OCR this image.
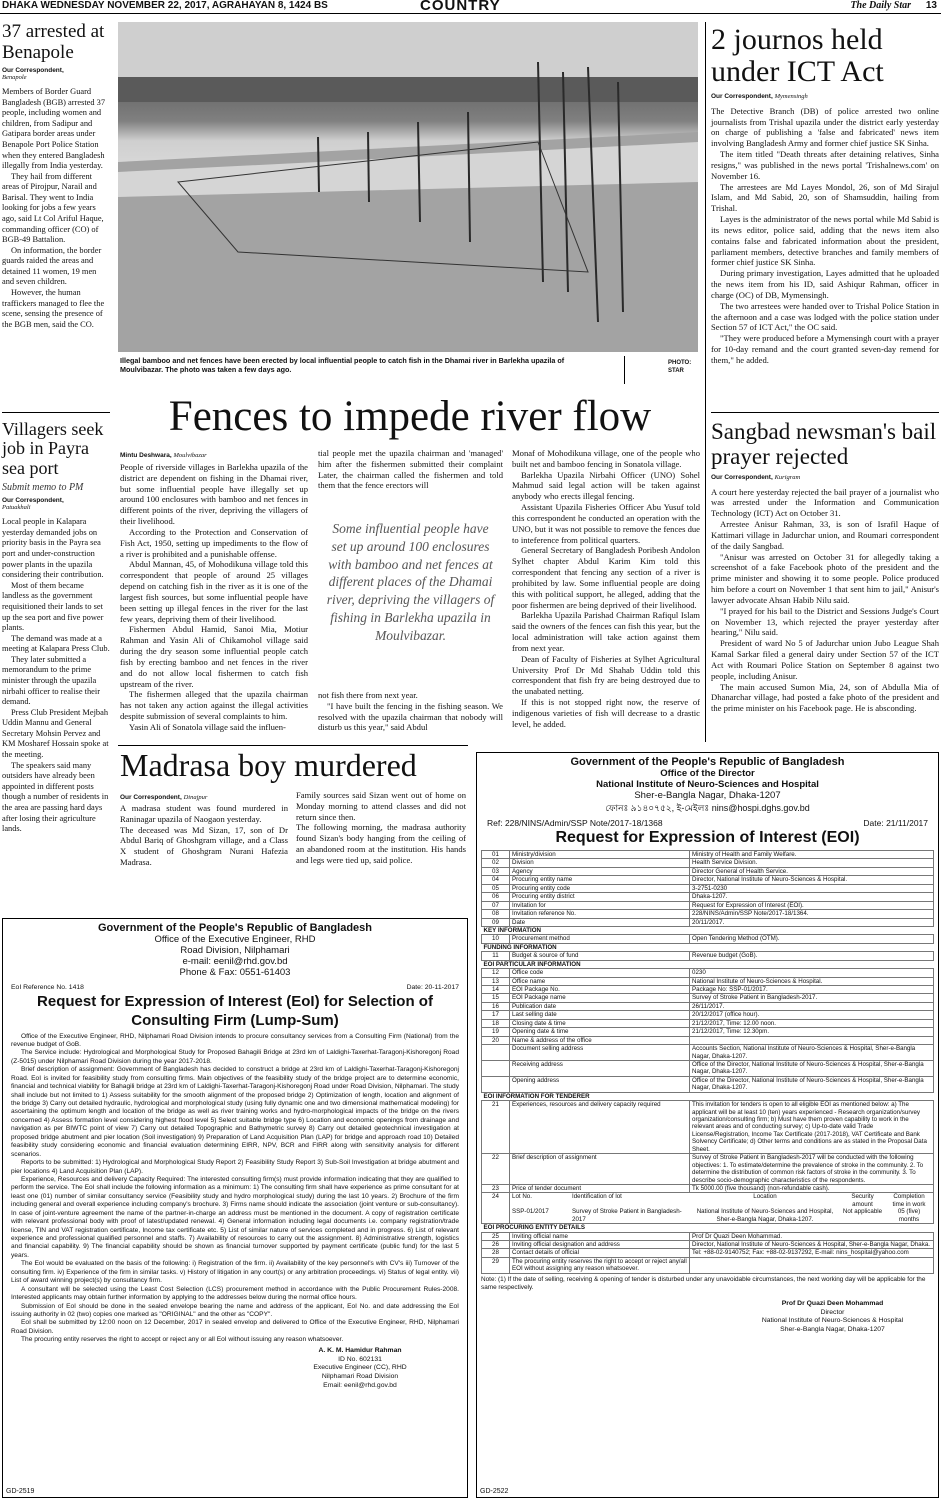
DHAKA WEDNESDAY NOVEMBER 22, 2017, AGRAHAYAN 8, 1424 BS	COUNTRY	The Daily Star 13
37 arrested at Benapole
Our Correspondent,
Benapole

Members of Border Guard Bangladesh (BGB) arrested 37 people, including women and children, from Sadipur and Gatipara border areas under Benapole Port Police Station when they entered Bangladesh illegally from India yesterday.

They hail from different areas of Pirojpur, Narail and Barisal. They went to India looking for jobs a few years ago, said Lt Col Ariful Haque, commanding officer (CO) of BGB-49 Battalion.

On information, the border guards raided the areas and detained 11 women, 19 men and seven children.

However, the human traffickers managed to flee the scene, sensing the presence of the BGB men, said the CO.

Villagers seek job in Payra sea port
Submit memo to PM
Our Correspondent,
Patuakhali

Local people in Kalapara yesterday demanded jobs on priority basis in the Payra sea port and under-construction power plants in the upazila considering their contribution.

Most of them became landless as the government requisitioned their lands to set up the sea port and five power plants.

The demand was made at a meeting at Kalapara Press Club.

They later submitted a memorandum to the prime minister through the upazila nirbahi officer to realise their demand.

Press Club President Mejbah Uddin Mannu and General Secretary Mohsin Pervez and KM Mosharef Hossain spoke at the meeting.

The speakers said many outsiders have already been appointed in different posts though a number of residents in the area are passing hard days after losing their agriculture lands.

Illegal bamboo and net fences have been erected by local influential people to catch fish in the Dhamai river in Barlekha upazila of Moulvibazar. The photo was taken a few days ago.
PHOTO: STAR
Fences to impede river flow
Mintu Deshwara, Moulvibazar

People of riverside villages in Barlekha upazila of the district are dependent on fishing in the Dhamai river, but some influential people have illegally set up around 100 enclosures with bamboo and net fences in different points of the river, depriving the villagers of their livelihood.

According to the Protection and Conservation of Fish Act, 1950, setting up impediments to the flow of a river is prohibited and a punishable offense.

Abdul Mannan, 45, of Mohodikuna village told this correspondent that people of around 25 villages depend on catching fish in the river as it is one of the largest fish sources, but some influential people have been setting up illegal fences in the river for the last few years, depriving them of their livelihood.

Fishermen Abdul Hamid, Sanoi Mia, Motiur Rahman and Yasin Ali of Chikamohol village said during the dry season some influential people catch fish by erecting bamboo and net fences in the river and do not allow local fishermen to catch fish upstream of the river.

The fishermen alleged that the upazila chairman has not taken any action against the illegal activities despite submission of several complaints to him.

Yasin Ali of Sonatola village said the influen-

tial people met the upazila chairman and 'managed' him after the fishermen submitted their complaint Later, the chairman called the fishermen and told them that the fence erectors will
Some influential people have set up around 100 enclosures with bamboo and net fences at different places of the Dhamai river, depriving the villagers of fishing in Barlekha upazila in Moulvibazar.

not fish there from next year.

"I have built the fencing in the fishing season. We resolved with the upazila chairman that nobody will disturb us this year," said Abdul

Monaf of Mohodikuna village, one of the people who built net and bamboo fencing in Sonatola village.

Barlekha Upazila Nirbahi Officer (UNO) Sohel Mahmud said legal action will be taken against anybody who erects illegal fencing.

Assistant Upazila Fisheries Officer Abu Yusuf told this correspondent he conducted an operation with the UNO, but it was not possible to remove the fences due to inteference from political quarters.

General Secretary of Bangladesh Poribesh Andolon Sylhet chapter Abdul Karim Kim told this correspondent that fencing any section of a river is prohibited by law. Some influential people are doing this with political support, he alleged, adding that the poor fishermen are being deprived of their livelihood.

Barlekha Upazila Parishad Chairman Rafiqul Islam said the owners of the fences can fish this year, but the local administration will take action against them from next year.

Dean of Faculty of Fisheries at Sylhet Agricultural University Prof Dr Md Shahab Uddin told this correspondent that fish fry are being destroyed due to the unabated netting.

If this is not stopped right now, the reserve of indigenous varieties of fish will decrease to a drastic level, he added.

2 journos held under ICT Act
Our Correspondent, Mymensingh

The Detective Branch (DB) of police arrested two online journalists from Trishal upazila under the district early yesterday on charge of publishing a 'false and fabricated' news item involving Bangladesh Army and former chief justice SK Sinha.

The item titled "Death threats after detaining relatives, Sinha resigns," was published in the news portal 'Trishalnews.com' on November 16.

The arrestees are Md Layes Mondol, 26, son of Md Sirajul Islam, and Md Sabid, 20, son of Shamsuddin, hailing from Trishal.

Layes is the administrator of the news portal while Md Sabid is its news editor, police said, adding that the news item also contains false and fabricated information about the president, parliament members, detective branches and family members of former chief justice SK Sinha.

During primary investigation, Layes admitted that he uploaded the news item from his ID, said Ashiqur Rahman, officer in charge (OC) of DB, Mymensingh.

The two arrestees were handed over to Trishal Police Station in the afternoon and a case was lodged with the police station under Section 57 of ICT Act," the OC said.

"They were produced before a Mymensingh court with a prayer for 10-day remand and the court granted seven-day remend for them," he added.

Sangbad newsman's bail prayer rejected
Our Correspondent, Kurigram

A court here yesterday rejected the bail prayer of a journalist who was arrested under the Information and Communication Technology (ICT) Act on October 31.

Arrestee Anisur Rahman, 33, is son of Israfil Haque of Kattimari village in Jadurchar union, and Roumari correspondent of the daily Sangbad.

"Anisur was arrested on October 31 for allegedly taking a screenshot of a fake Facebook photo of the president and the prime minister and showing it to some people. Police produced him before a court on November 1 that sent him to jail," Anisur's lawyer advocate Ahsan Habib Nilu said.

"I prayed for his bail to the District and Sessions Judge's Court on November 13, which rejected the prayer yesterday after hearing," Nilu said.

President of ward No 5 of Jadurchar union Jubo League Shah Kamal Sarkar filed a general dairy under Section 57 of the ICT Act with Roumari Police Station on September 8 against two people, including Anisur.

The main accused Sumon Mia, 24, son of Abdulla Mia of Dhanarchar village, had posted a fake photo of the president and the prime minister on his Facebook page. He is absconding.

Madrasa boy murdered
Our Correspondent, Dinajpur
A madrasa student was found murdered in Raninagar upazila of Naogaon yesterday.
The deceased was Md Sizan, 17, son of Dr Abdul Bariq of Ghoshgram village, and a Class X student of Ghoshgram Nurani Hafezia Madrasa.
Family sources said Sizan went out of home on Monday morning to attend classes and did not return since then.
The following morning, the madrasa authority found Sizan's body hanging from the ceiling of an abandoned room at the institution. His hands and legs were tied up, said police.
Government of the People's Republic of Bangladesh
Office of the Executive Engineer, RHD
Road Division, Nilphamari
e-mail: eenil@rhd.gov.bd
Phone & Fax: 0551-61403
EoI Reference No. 1418	Date: 20-11-2017
Request for Expression of Interest (EoI) for Selection of Consulting Firm (Lump-Sum)

Office of the Executive Engineer, RHD, Nilphamari Road Division intends to procure consultancy services from a Consulting Firm (National) from the revenue budget of GoB.

The Service include: Hydrological and Morphological Study for Proposed Bahagili Bridge at 23rd km of Laldighi-Taxerhat-Taragonj-Kishoregonj Road (Z-5015) under Nilphamari Road Division during the year 2017-2018.

Brief description of assignment: Government of Bangladesh has decided to construct a bridge at 23rd km of Laldighi-Taxerhat-Taragonj-Kishoregonj Road. EoI is invited for feasibility study from consulting firms. Main objectives of the feasibility study of the bridge project are to determine economic, financial and technical viability for Bahagili bridge at 23rd km of Laldighi-Taxerhat-Taragonj-Kishoregonj Road under Road Division, Nilphamari. The study shall include but not limited to 1) Assess suitability for the smooth alignment of the proposed bridge 2) Optimization of length, location and alignment of the bridge 3) Carry out detailed hydraulic, hydrological and morphological study (using fully dynamic one and two dimensional mathematical modeling) for ascertaining the optimum length and location of the bridge as well as river training works and hydro-morphological impacts of the bridge on the rivers concerned 4) Assess formation level considering highest flood level 5) Select suitable bridge type 6) Location and economic openings from drainage and navigation as per BIWTC point of view 7) Carry out detailed Topographic and Bathymetric survey 8) Carry out detailed geotechnical investigation at proposed bridge abutment and pier location (Soil investigation) 9) Preparation of Land Acquisition Plan (LAP) for bridge and approach road 10) Detailed feasibility study considering economic and financial evaluation determining EIRR, NPV, BCR and FIRR along with sensitivity analysis for different scenarios.

Reports to be submitted: 1) Hydrological and Morphological Study Report 2) Feasibility Study Report 3) Sub-Soil Investigation at bridge abutment and pier locations 4) Land Acquisition Plan (LAP).

Experience, Resources and delivery Capacity Required: The interested consulting firm(s) must provide information indicating that they are qualified to perform the service. The EoI shall include the following information as a minimum: 1) The consulting firm shall have experience as prime consultant for at least one (01) number of similar consultancy service (Feasibility study and hydro morphological study) during the last 10 years. 2) Brochure of the firm including general and overall experience including company's brochure. 3) Firms name should indicate the association (joint venture or sub-consultancy). In case of joint-venture agreement the name of the partner-in-charge an address must be mentioned in the document. A copy of registration certificate with relevant professional body with proof of latest/updated renewal. 4) General information including legal documents i.e. company registration/trade license, TIN and VAT registration certificate, Income tax certificate etc. 5) List of similar nature of services completed and in progress. 6) List of relevant experience and professional qualified personnel and staffs. 7) Availability of resources to carry out the assignment. 8) Administrative strength, logistics and financial capability. 9) The financial capability should be shown as financial turnover supported by payment certificate (public fund) for the last 5 years.

The EoI would be evaluated on the basis of the following: i) Registration of the firm. ii) Availability of the key personnel's with CV's iii) Turnover of the consulting firm. iv) Experience of the firm in similar tasks. v) History of litigation in any court(s) or any arbitration proceedings. vi) Status of legal entity. vii) List of award winning project(s) by consultancy firm.

A consultant will be selected using the Least Cost Selection (LCS) procurement method in accordance with the Public Procurement Rules-2008. Interested applicants may obtain further information by applying to the addresses below during the normal office hours.

Submission of EoI should be done in the sealed envelope bearing the name and address of the applicant, EoI No. and date addressing the EoI issuing authority in 02 (two) copies one marked as "ORIGINAL" and the other as "COPY".

EoI shall be submitted by 12:00 noon on 12 December, 2017 in sealed envelop and delivered to Office of the Executive Engineer, RHD, Nilphamari Road Division.

The procuring entity reserves the right to accept or reject any or all EoI without issuing any reason whatsoever.

A. K. M. Hamidur Rahman
ID No. 602131
Executive Engineer (CC), RHD
Nilphamari Road Division
Email: eenil@rhd.gov.bd
GD-2519
Government of the People's Republic of Bangladesh
Office of the Director
National Institute of Neuro-Sciences and Hospital
Sher-e-Bangla Nagar, Dhaka-1207
ফোনঃ ৯১৪০৭৫২, ই-মেইলঃ nins@hospi.dghs.gov.bd
Ref: 228/NINS/Admin/SSP Note/2017-18/1368	Date: 21/11/2017
Request for Expression of Interest (EOI)
01	Ministry/division	Ministry of Health and Family Welfare.
02	Division	Health Service Division.
03	Agency	Director General of Health Service.
04	Procuring entity name	Director, National Institute of Neuro-Sciences & Hospital.
05	Procuring entity code	3-2751-0230
06	Procuring entity district	Dhaka-1207.
07	Invitation for	Request for Expression of Interest (EOI).
08	Invitation reference No.	228/NINS/Admin/SSP Note/2017-18/1364.
09	Date	20/11/2017.
KEY INFORMATION
10	Procurement method	Open Tendering Method (OTM).
FUNDING INFORMATION
11	Budget & source of fund	Revenue budget (GoB).
EOI PARTICULAR INFORMATION
12	Office code	0230
13	Office name	National Institute of Neuro-Sciences & Hospital.
14	EOI Package No.	Package No: SSP-01/2017.
15	EOI Package name	Survey of Stroke Patient in Bangladesh-2017.
16	Publication date	26/11/2017.
17	Last selling date	20/12/2017 (office hour).
18	Closing date & time	21/12/2017, Time: 12.00 noon.
19	Opening date & time	21/12/2017, Time: 12.30pm.
20	Name & address of the office	
	Document selling address	Accounts Section, National Institute of Neuro-Sciences & Hospital, Sher-e-Bangla Nagar, Dhaka-1207.
	Receiving address	Office of the Director, National Institute of Neuro-Sciences & Hospital, Sher-e-Bangla Nagar, Dhaka-1207.
	Opening address	Office of the Director, National Institute of Neuro-Sciences & Hospital, Sher-e-Bangla Nagar, Dhaka-1207.
EOI INFORMATION FOR TENDERER
21	Experiences, resources and delivery capacity required	This invitation for tenders is open to all eligible EOI as mentioned below: a) The applicant will be at least 10 (ten) years experienced - Research organization/survey organization/consulting firm; b) Must have them proven capability to work in the relevant areas and of conducting survey; c) Up-to-date valid Trade License/Registration, Income Tax Certificate (2017-2018), VAT Certificate and Bank Solvency Certificate; d) Other terms and conditions are as stated in the Proposal Data Sheet.
22	Brief description of assignment	Survey of Stroke Patient in Bangladesh-2017 will be conducted with the following objectives: 1. To estimate/determine the prevalence of stroke in the community. 2. To determine the distribution of common risk factors of stroke in the community. 3. To describe socio-demographic characteristics of the respondents.
23	Price of tender document	Tk 5000.00 (five thousand) (non-refundable cash).
24	Lot No.	Identification of lot	Location	Security amount	Completion time in work
SSP-01/2017	Survey of Stroke Patient in Bangladesh-2017	National Institute of Neuro-Sciences and Hospital, Sher-e-Bangla Nagar, Dhaka-1207.	Not applicable	05 (five) months

EOI PROCURING ENTITY DETAILS
25	Inviting official name	Prof Dr Quazi Deen Mohammad.
26	Inviting official designation and address	Director, National Institute of Neuro-Sciences & Hospital, Sher-e-Bangla Nagar, Dhaka.
28	Contact details of official	Tel: +88-02-9140752; Fax: +88-02-9137292, E-mail: nins_hospital@yahoo.com
29	The procuring entity reserves the right to accept or reject any/all EOI without assigning any reason whatsoever.	
Note: (1) If the date of selling, receiving & opening of tender is disturbed under any unavoidable circumstances, the next working day will be applicable for the same respectively.
Prof Dr Quazi Deen Mohammad
Director
National Institute of Neuro-Sciences & Hospital
Sher-e-Bangla Nagar, Dhaka-1207
GD-2522
